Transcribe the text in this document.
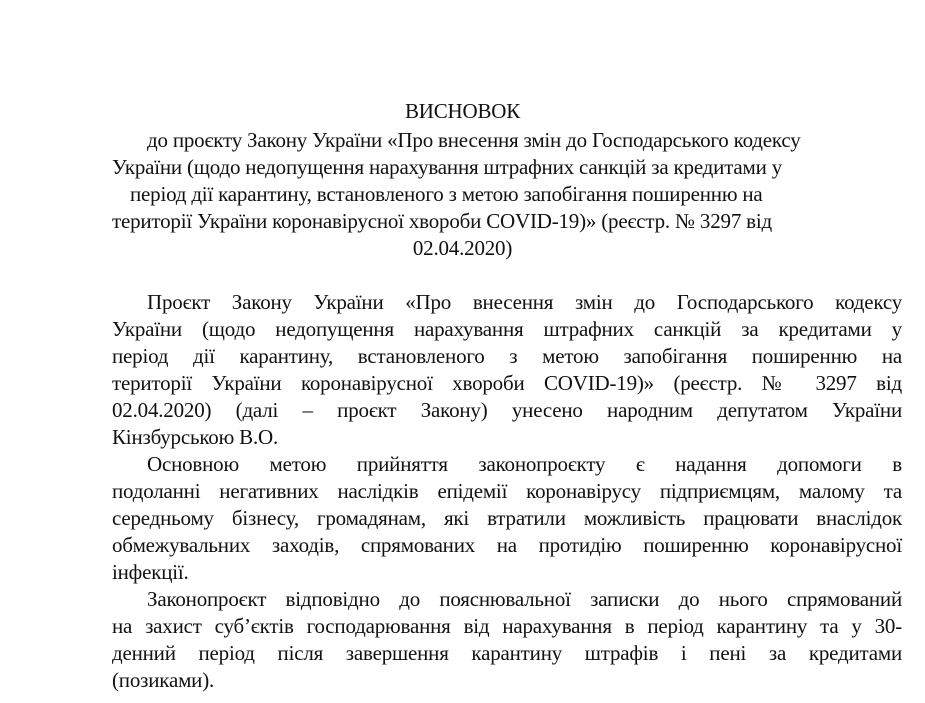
ВИСНОВОК
до проєкту Закону України «Про внесення змін до Господарського кодексу
України (щодо недопущення нарахування штрафних санкцій за кредитами у
період дії карантину, встановленого з метою запобігання поширенню на
території України коронавірусної хвороби COVID-19)» (реєстр. № 3297 від
02.04.2020)
Проєкт Закону України «Про внесення змін до Господарського кодексу
України (щодо недопущення нарахування штрафних санкцій за кредитами у
період дії карантину, встановленого з метою запобігання поширенню на
території України коронавірусної хвороби COVID-19)» (реєстр. № 3297 від
02.04.2020) (далі – проєкт Закону) унесено народним депутатом України
Кінзбурською В.О.
Основною метою прийняття законопроєкту є надання допомоги в
подоланні негативних наслідків епідемії коронавірусу підприємцям, малому та
середньому бізнесу, громадянам, які втратили можливість працювати внаслідок
обмежувальних заходів, спрямованих на протидію поширенню коронавірусної
інфекції.
Законопроєкт відповідно до пояснювальної записки до нього спрямований
на захист суб’єктів господарювання від нарахування в період карантину та у 30-
денний період після завершення карантину штрафів і пені за кредитами
(позиками).
